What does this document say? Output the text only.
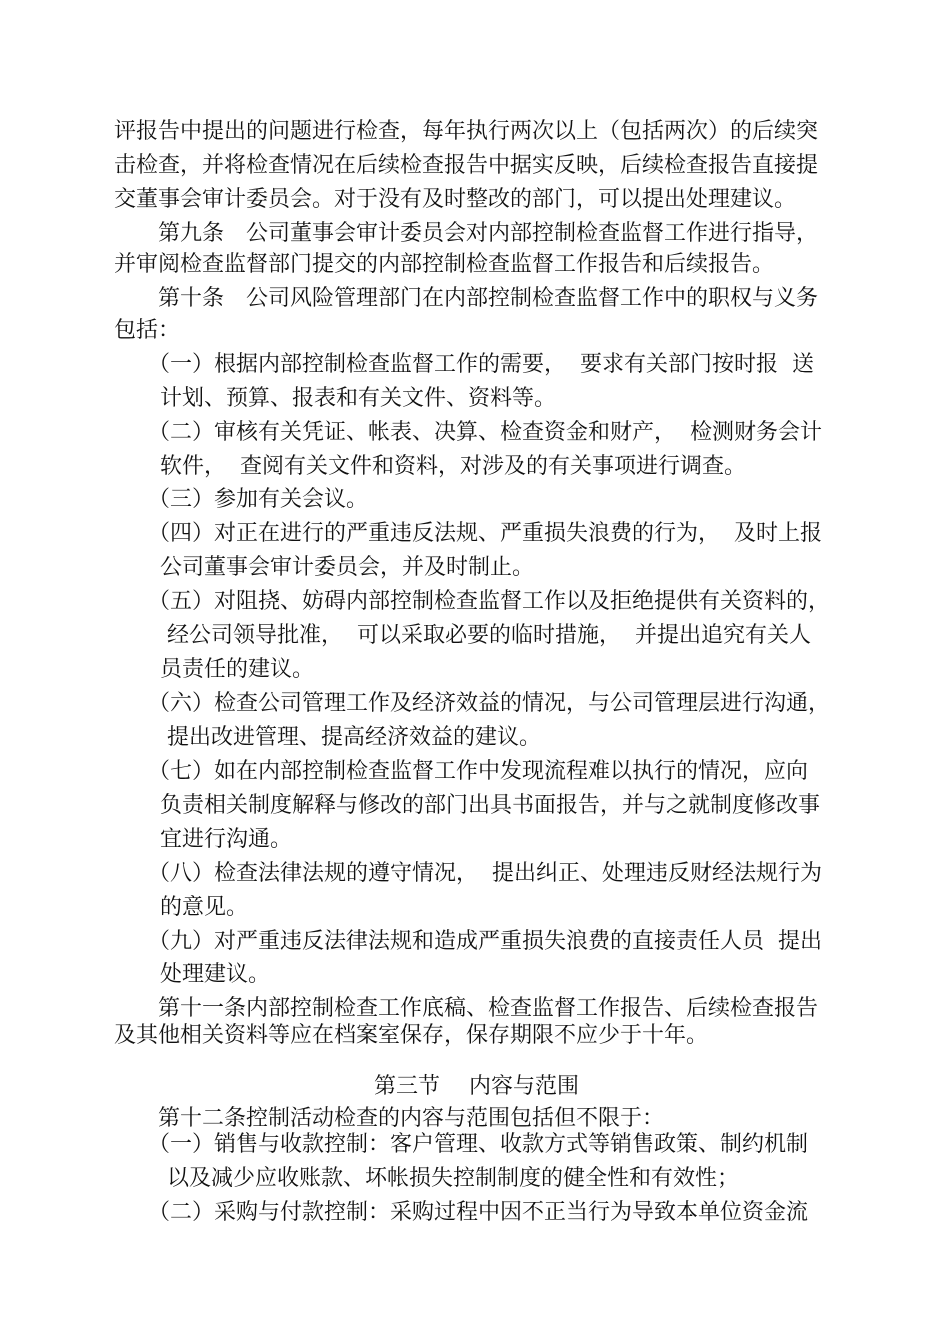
评报告中提出的问题进行检查，每年执行两次以上（包括两次）的后续突
击检查，并将检查情况在后续检查报告中据实反映，后续检查报告直接提
交董事会审计委员会。对于没有及时整改的部门，可以提出处理建议。
第九条　公司董事会审计委员会对内部控制检查监督工作进行指导，
并审阅检查监督部门提交的内部控制检查监督工作报告和后续报告。
第十条　公司风险管理部门在内部控制检查监督工作中的职权与义务
包括：
（一）根据内部控制检查监督工作的需要，  要求有关部门按时报  送
计划、预算、报表和有关文件、资料等。
（二）审核有关凭证、帐表、决算、检查资金和财产，  检测财务会计
软件，  查阅有关文件和资料，对涉及的有关事项进行调查。
（三）参加有关会议。
（四）对正在进行的严重违反法规、严重损失浪费的行为，  及时上报
公司董事会审计委员会，并及时制止。
（五）对阻挠、妨碍内部控制检查监督工作以及拒绝提供有关资料的，
经公司领导批准，  可以采取必要的临时措施，  并提出追究有关人
员责任的建议。
（六）检查公司管理工作及经济效益的情况，与公司管理层进行沟通，
提出改进管理、提高经济效益的建议。
（七）如在内部控制检查监督工作中发现流程难以执行的情况，应向
负责相关制度解释与修改的部门出具书面报告，并与之就制度修改事
宜进行沟通。
（八）检查法律法规的遵守情况，  提出纠正、处理违反财经法规行为
的意见。
（九）对严重违反法律法规和造成严重损失浪费的直接责任人员  提出
处理建议。
第十一条内部控制检查工作底稿、检查监督工作报告、后续检查报告
及其他相关资料等应在档案室保存，保存期限不应少于十年。
第三节　 内容与范围
第十二条控制活动检查的内容与范围包括但不限于：
（一）销售与收款控制：客户管理、收款方式等销售政策、制约机制
以及减少应收账款、坏帐损失控制制度的健全性和有效性；
（二）采购与付款控制：采购过程中因不正当行为导致本单位资金流
